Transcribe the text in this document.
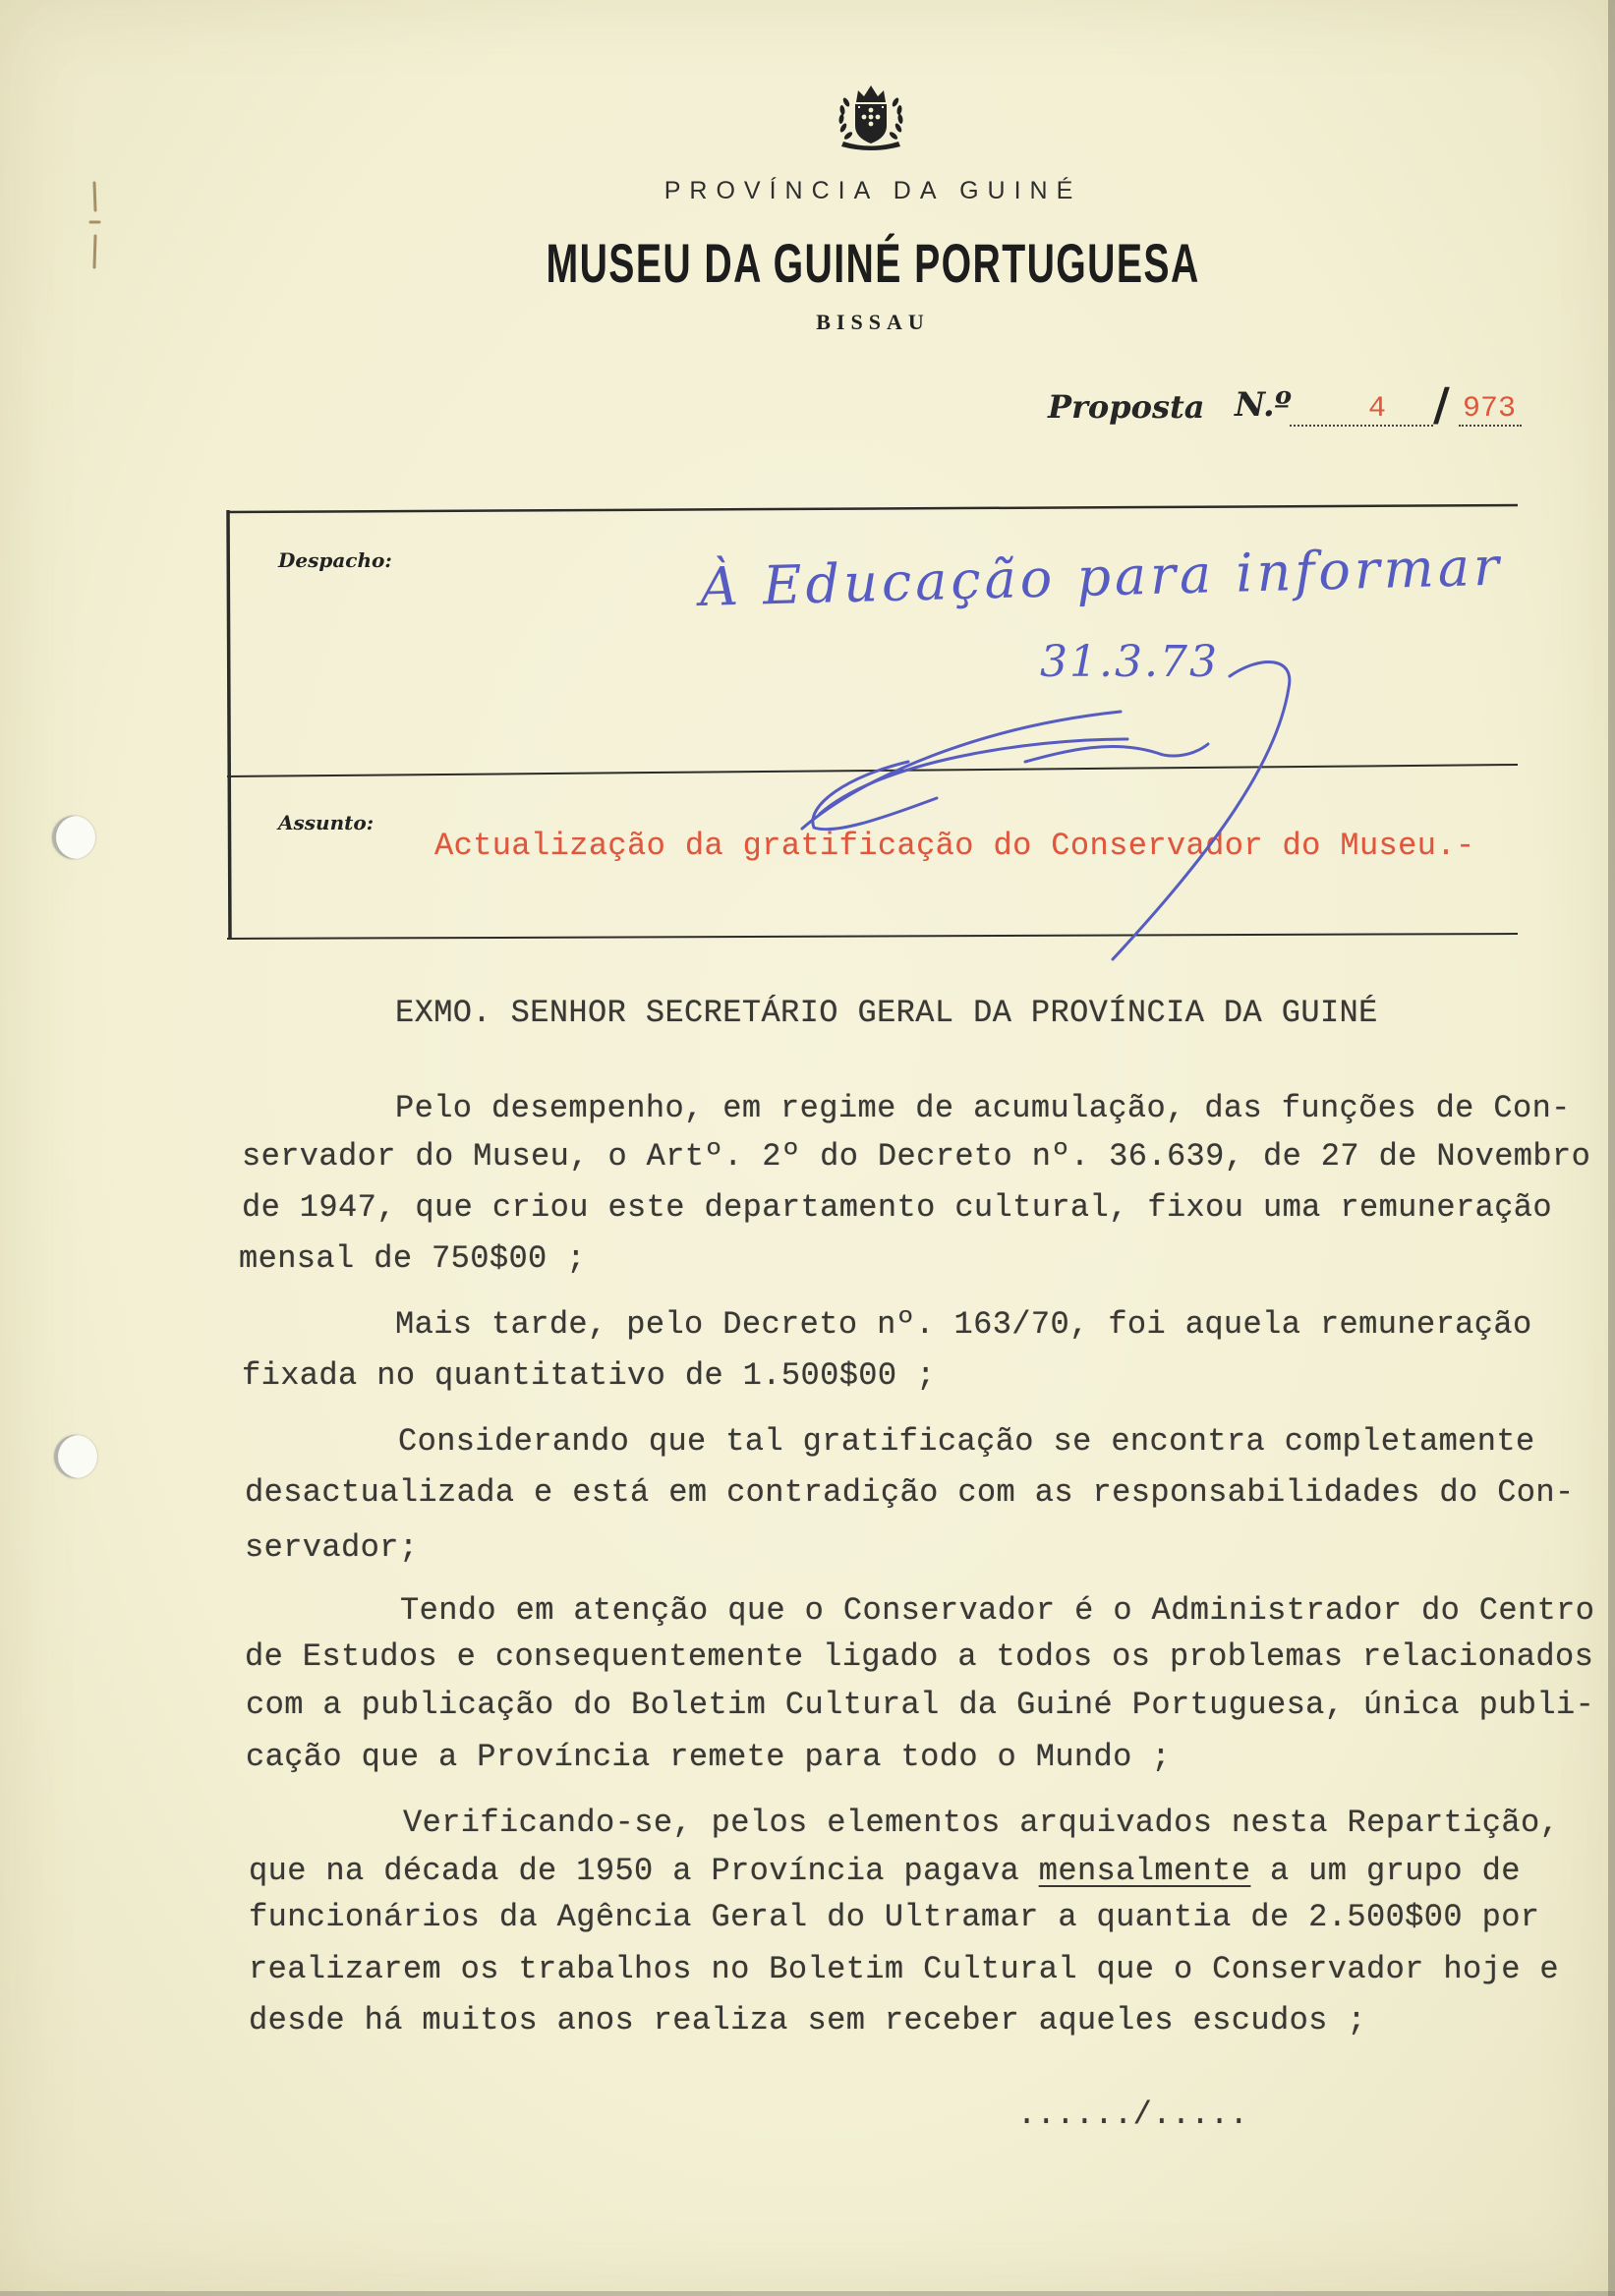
PROVÍNCIA DA GUINÉ
MUSEU DA GUINÉ PORTUGUESA
BISSAU
Proposta N.º	4 / 973
Despacho:	À Educação para informar
31.3.73
Assunto:
Actualização da gratificação do Conservador do Museu.-
EXMO. SENHOR SECRETÁRIO GERAL DA PROVÍNCIA DA GUINÉ
Pelo desempenho, em regime de acumulação, das funções de Con-
servador do Museu, o Artº. 2º do Decreto nº. 36.639, de 27 de Novembro
de 1947, que criou este departamento cultural, fixou uma remuneração
mensal de 750$00 ;
Mais tarde, pelo Decreto nº. 163/70, foi aquela remuneração
fixada no quantitativo de 1.500$00 ;
Considerando que tal gratificação se encontra completamente
desactualizada e está em contradição com as responsabilidades do Con-
servador;
Tendo em atenção que o Conservador é o Administrador do Centro
de Estudos e consequentemente ligado a todos os problemas relacionados
com a publicação do Boletim Cultural da Guiné Portuguesa, única publi-
cação que a Província remete para todo o Mundo ;
Verificando-se, pelos elementos arquivados nesta Repartição,
que na década de 1950 a Província pagava mensalmente a um grupo de
funcionários da Agência Geral do Ultramar a quantia de 2.500$00 por
realizarem os trabalhos no Boletim Cultural que o Conservador hoje e
desde há muitos anos realiza sem receber aqueles escudos ;
....../.....
